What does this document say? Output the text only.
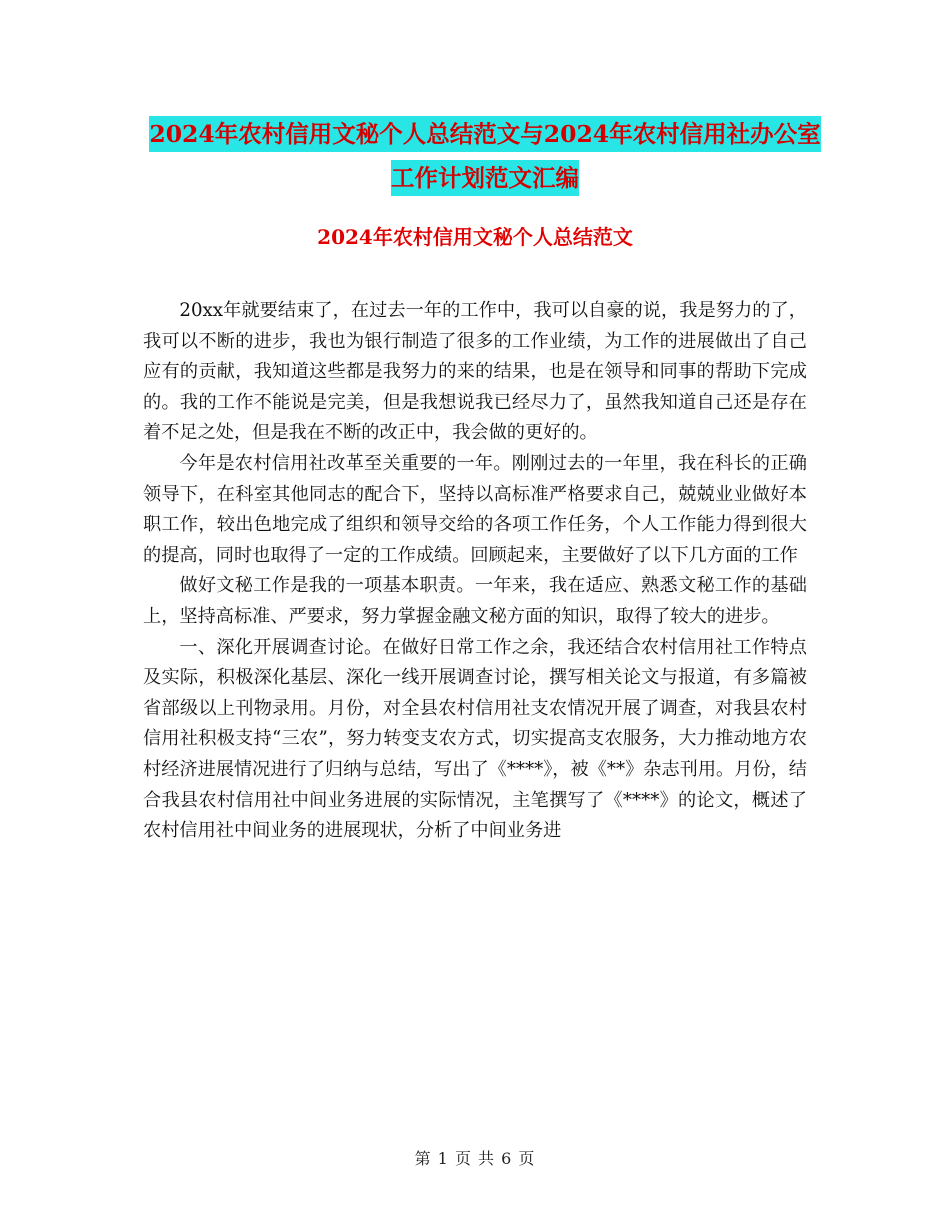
2024年农村信用文秘个人总结范文与2024年农村信用社办公室工作计划范文汇编
2024年农村信用文秘个人总结范文

20xx年就要结束了，在过去一年的工作中，我可以自豪的说，我是努力的了，我可以不断的进步，我也为银行制造了很多的工作业绩，为工作的进展做出了自己应有的贡献，我知道这些都是我努力的来的结果，也是在领导和同事的帮助下完成的。我的工作不能说是完美，但是我想说我已经尽力了，虽然我知道自己还是存在着不足之处，但是我在不断的改正中，我会做的更好的。

今年是农村信用社改革至关重要的一年。刚刚过去的一年里，我在科长的正确领导下，在科室其他同志的配合下，坚持以高标准严格要求自己，兢兢业业做好本职工作，较出色地完成了组织和领导交给的各项工作任务，个人工作能力得到很大的提高，同时也取得了一定的工作成绩。回顾起来，主要做好了以下几方面的工作

做好文秘工作是我的一项基本职责。一年来，我在适应、熟悉文秘工作的基础上，坚持高标准、严要求，努力掌握金融文秘方面的知识，取得了较大的进步。

一、深化开展调查讨论。在做好日常工作之余，我还结合农村信用社工作特点及实际，积极深化基层、深化一线开展调查讨论，撰写相关论文与报道，有多篇被省部级以上刊物录用。月份，对全县农村信用社支农情况开展了调查，对我县农村信用社积极支持“三农”，努力转变支农方式，切实提高支农服务，大力推动地方农村经济进展情况进行了归纳与总结，写出了《****》，被《**》杂志刊用。月份，结合我县农村信用社中间业务进展的实际情况，主笔撰写了《****》的论文，概述了农村信用社中间业务的进展现状，分析了中间业务进

第 1 页 共 6 页
